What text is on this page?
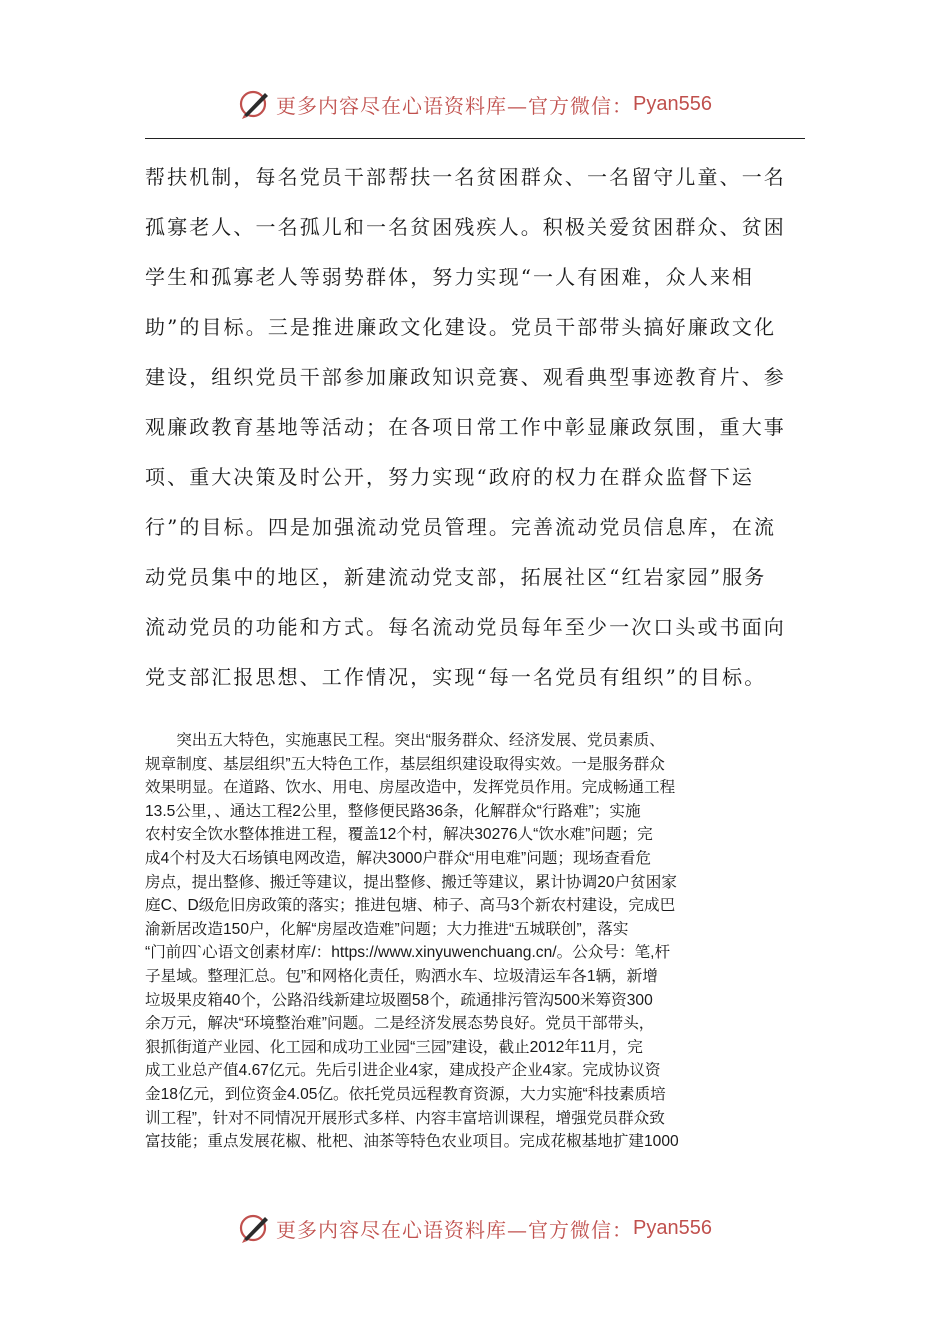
更多内容尽在心语资料库—官方微信： Pyan556
帮扶机制，每名党员干部帮扶一名贫困群众、一名留守儿童、一名
孤寡老人、一名孤儿和一名贫困残疾人。积极关爱贫困群众、贫困
学生和孤寡老人等弱势群体，努力实现“一人有困难，众人来相
助”的目标。三是推进廉政文化建设。党员干部带头搞好廉政文化
建设，组织党员干部参加廉政知识竞赛、观看典型事迹教育片、参
观廉政教育基地等活动；在各项日常工作中彰显廉政氛围，重大事
项、重大决策及时公开，努力实现“政府的权力在群众监督下运
行”的目标。四是加强流动党员管理。完善流动党员信息库，在流
动党员集中的地区，新建流动党支部，拓展社区“红岩家园”服务
流动党员的功能和方式。每名流动党员每年至少一次口头或书面向
党支部汇报思想、工作情况，实现“每一名党员有组织”的目标。
　　突出五大特色，实施惠民工程。突出“服务群众、经济发展、党员素质、
规章制度、基层组织”五大特色工作，基层组织建设取得实效。一是服务群众
效果明显。在道路、饮水、用电、房屋改造中，发挥党员作用。完成畅通工程
13.5公里，、通达工程2公里，整修便民路36条，化解群众“行路难”；实施
农村安全饮水整体推进工程，覆盖12个村，解决30276人“饮水难”问题；完
成4个村及大石场镇电网改造，解决3000户群众“用电难”问题；现场查看危
房点，提出整修、搬迁等建议，提出整修、搬迁等建议，累计协调20户贫困家
庭C、D级危旧房政策的落实；推进包塘、柿子、高马3个新农村建设，完成巴
渝新居改造150户，化解“房屋改造难”问题；大力推进“五城联创”，落实
“门前四`心语文创素材库/：https://www.xinyuwenchuang.cn/。公众号：笔,杆
子星域。整理汇总。包”和网格化责任，购洒水车、垃圾清运车各1辆，新增
垃圾果皮箱40个，公路沿线新建垃圾圈58个，疏通排污管沟500米筹资300
余万元，解决“环境整治难”问题。二是经济发展态势良好。党员干部带头，
狠抓街道产业园、化工园和成功工业园“三园”建设，截止2012年11月，完
成工业总产值4.67亿元。先后引进企业4家，建成投产企业4家。完成协议资
金18亿元，到位资金4.05亿。依托党员远程教育资源，大力实施“科技素质培
训工程”，针对不同情况开展形式多样、内容丰富培训课程，增强党员群众致
富技能；重点发展花椒、枇杷、油茶等特色农业项目。完成花椒基地扩建1000
更多内容尽在心语资料库—官方微信： Pyan556
